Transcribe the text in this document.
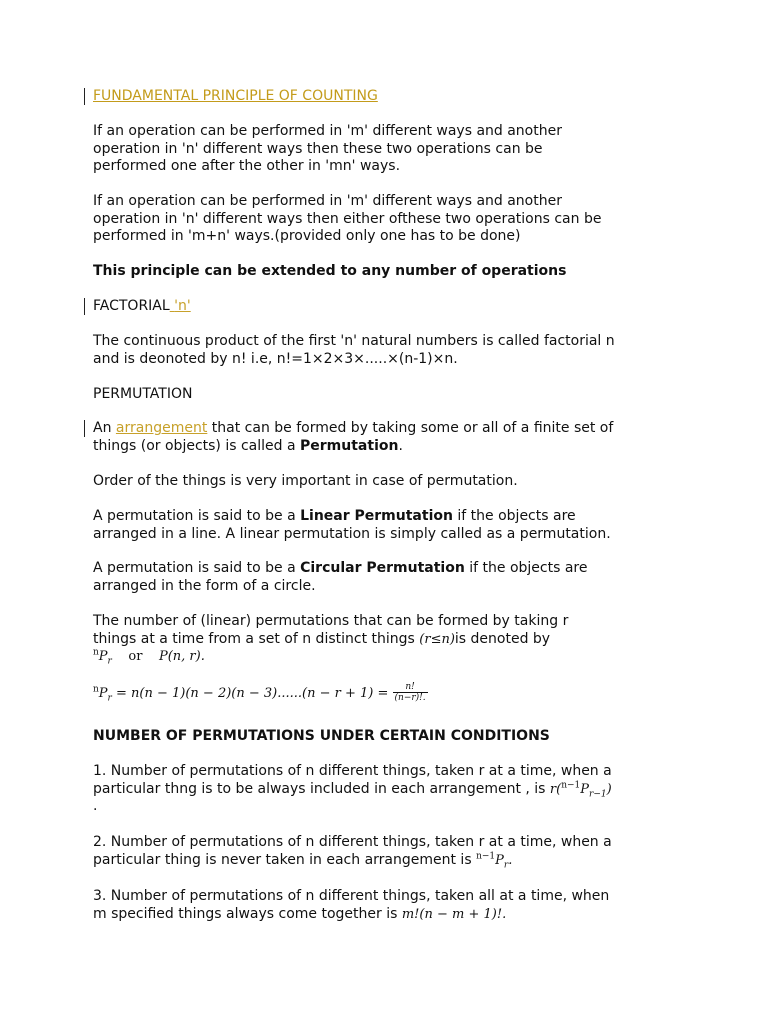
FUNDAMENTAL PRINCIPLE OF COUNTING
If an operation can be performed in 'm' different ways and another
operation in 'n' different ways then these two operations can be
performed one after the other in 'mn' ways.
If an operation can be performed in 'm' different ways and another
operation in 'n' different ways then either ofthese two operations can be
performed in 'm+n' ways.(provided only one has to be done)
This principle can be extended to any number of operations
FACTORIAL 'n'
The continuous product of the first 'n' natural numbers is called factorial n
and is deonoted by n! i.e, n!=1×2×3×.....×(n-1)×n.
PERMUTATION
An arrangement that can be formed by taking some or all of a finite set of
things (or objects) is called a Permutation.
Order of the things is very important in case of permutation.
A permutation is said to be a Linear Permutation if the objects are
arranged in a line. A linear permutation is simply called as a permutation.
A permutation is said to be a Circular Permutation if the objects are
arranged in the form of a circle.
The number of (linear) permutations that can be formed by taking r
things at a time from a set of n distinct things (r≤n)is denoted by
$^nP_r$ or P(n, r).
$^nP_r = n(n - 1)(n - 2)(n - 3)......(n - r + 1) = \frac{n!}{(n-r)!.}$
NUMBER OF PERMUTATIONS UNDER CERTAIN CONDITIONS
1. Number of permutations of n different things, taken r at a time, when a
particular thng is to be always included in each arrangement , is $r(^{n-1}P_{r-1})$
.
2. Number of permutations of n different things, taken r at a time, when a
particular thing is never taken in each arrangement is $^{n-1}P_r$.
3. Number of permutations of n different things, taken all at a time, when
m specified things always come together is m!(n − m + 1)!.
